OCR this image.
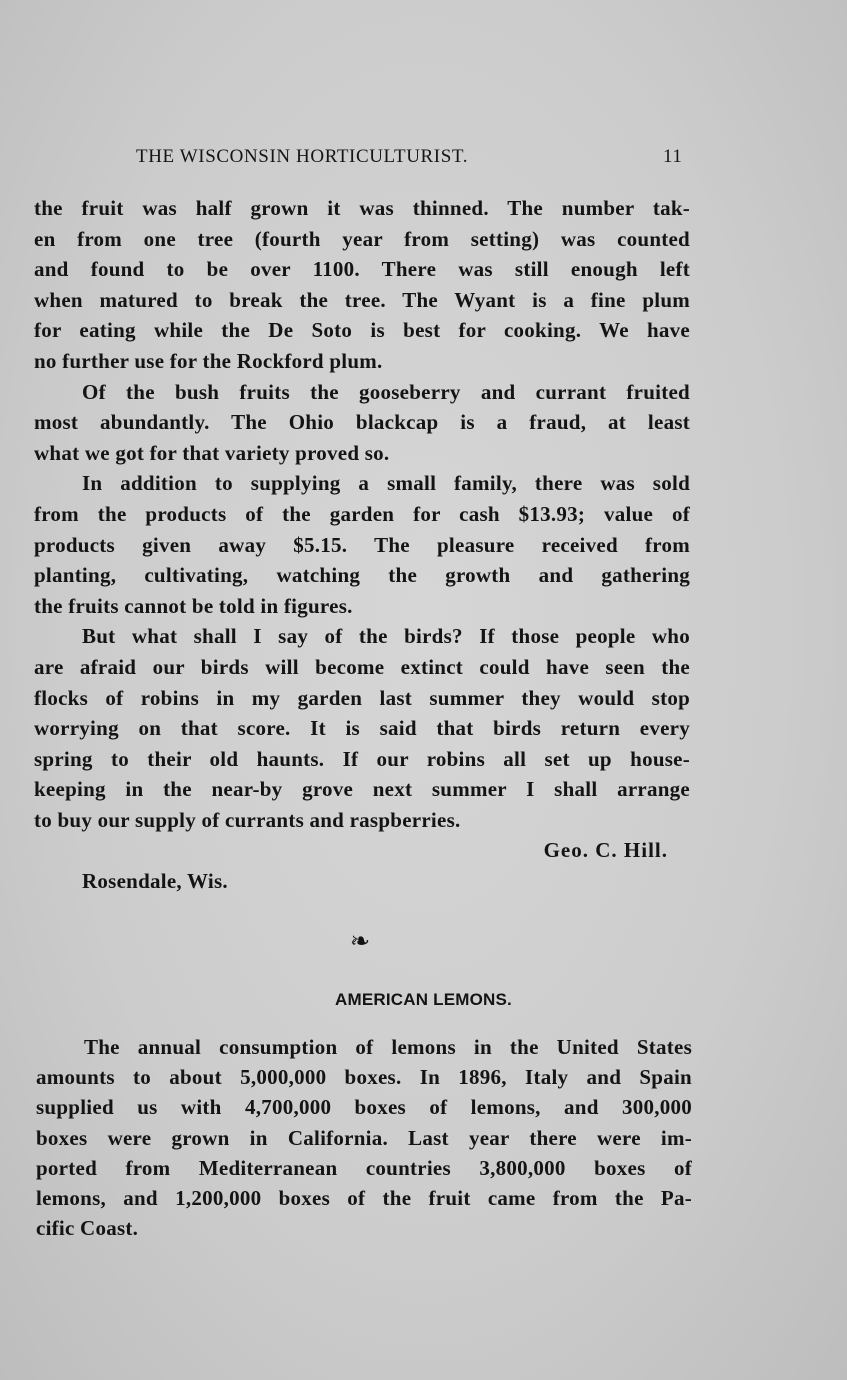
THE WISCONSIN HORTICULTURIST.	11
the fruit was half grown it was thinned. The number tak-
en from one tree (fourth year from setting) was counted
and found to be over 1100. There was still enough left
when matured to break the tree. The Wyant is a fine plum
for eating while the De Soto is best for cooking. We have
no further use for the Rockford plum.
Of the bush fruits the gooseberry and currant fruited
most abundantly. The Ohio blackcap is a fraud, at least
what we got for that variety proved so.
In addition to supplying a small family, there was sold
from the products of the garden for cash $13.93; value of
products given away $5.15. The pleasure received from
planting, cultivating, watching the growth and gathering
the fruits cannot be told in figures.
But what shall I say of the birds? If those people who
are afraid our birds will become extinct could have seen the
flocks of robins in my garden last summer they would stop
worrying on that score. It is said that birds return every
spring to their old haunts. If our robins all set up house-
keeping in the near-by grove next summer I shall arrange
to buy our supply of currants and raspberries.
Geo. C. Hill.
Rosendale, Wis.
❧
AMERICAN LEMONS.
The annual consumption of lemons in the United States
amounts to about 5,000,000 boxes. In 1896, Italy and Spain
supplied us with 4,700,000 boxes of lemons, and 300,000
boxes were grown in California. Last year there were im-
ported from Mediterranean countries 3,800,000 boxes of
lemons, and 1,200,000 boxes of the fruit came from the Pa-
cific Coast.
